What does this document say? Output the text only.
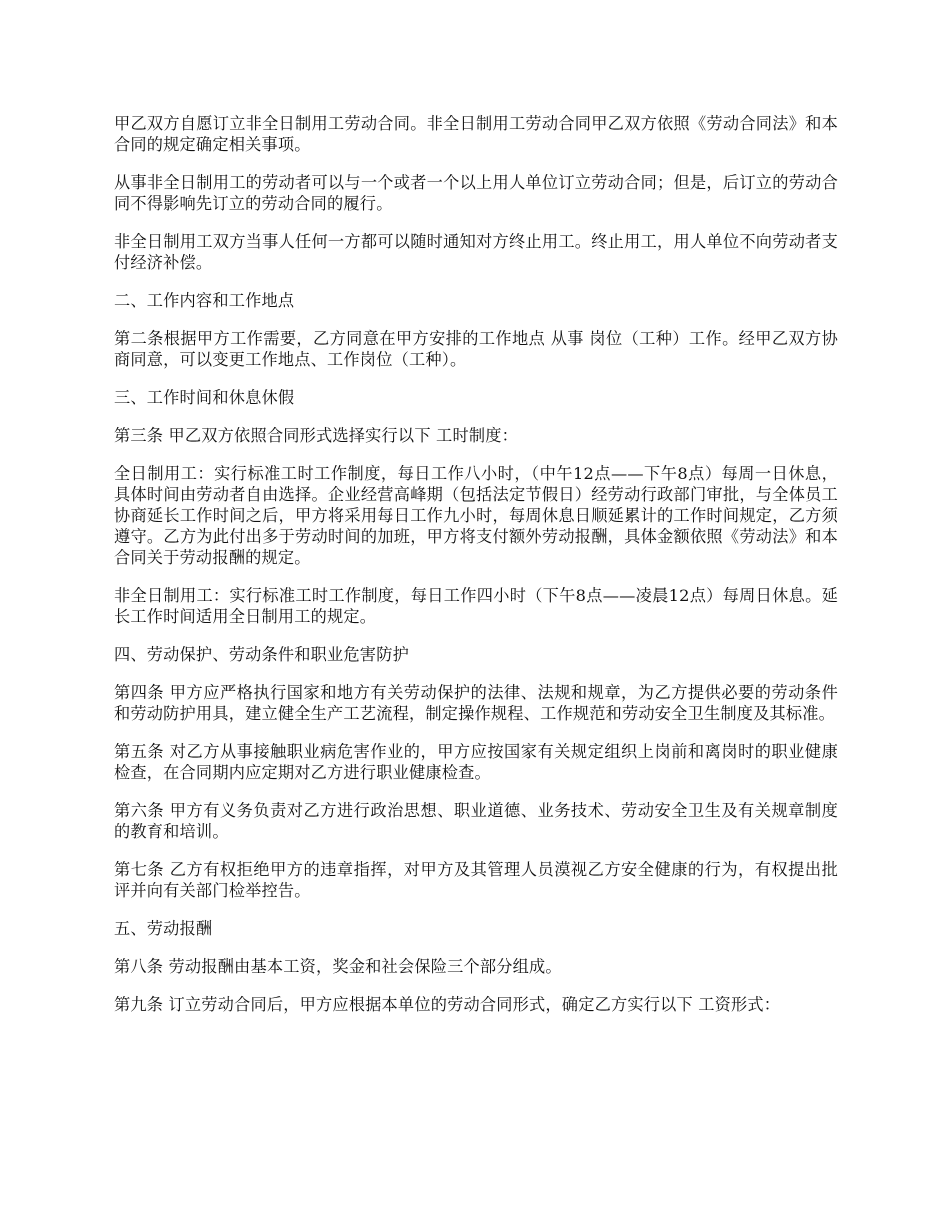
甲乙双方自愿订立非全日制用工劳动合同。非全日制用工劳动合同甲乙双方依照《劳动合同法》和本合同的规定确定相关事项。

从事非全日制用工的劳动者可以与一个或者一个以上用人单位订立劳动合同；但是，后订立的劳动合同不得影响先订立的劳动合同的履行。

非全日制用工双方当事人任何一方都可以随时通知对方终止用工。终止用工，用人单位不向劳动者支付经济补偿。

二、工作内容和工作地点

第二条根据甲方工作需要，乙方同意在甲方安排的工作地点 从事 岗位（工种）工作。经甲乙双方协商同意，可以变更工作地点、工作岗位（工种）。

三、工作时间和休息休假

第三条 甲乙双方依照合同形式选择实行以下 工时制度：

全日制用工：实行标准工时工作制度，每日工作八小时，（中午12点——下午8点）每周一日休息，具体时间由劳动者自由选择。企业经营高峰期（包括法定节假日）经劳动行政部门审批，与全体员工协商延长工作时间之后，甲方将采用每日工作九小时，每周休息日顺延累计的工作时间规定，乙方须遵守。乙方为此付出多于劳动时间的加班，甲方将支付额外劳动报酬，具体金额依照《劳动法》和本合同关于劳动报酬的规定。

非全日制用工：实行标准工时工作制度，每日工作四小时（下午8点——凌晨12点）每周日休息。延长工作时间适用全日制用工的规定。

四、劳动保护、劳动条件和职业危害防护

第四条 甲方应严格执行国家和地方有关劳动保护的法律、法规和规章，为乙方提供必要的劳动条件和劳动防护用具，建立健全生产工艺流程，制定操作规程、工作规范和劳动安全卫生制度及其标准。

第五条 对乙方从事接触职业病危害作业的，甲方应按国家有关规定组织上岗前和离岗时的职业健康检查，在合同期内应定期对乙方进行职业健康检查。

第六条 甲方有义务负责对乙方进行政治思想、职业道德、业务技术、劳动安全卫生及有关规章制度的教育和培训。

第七条 乙方有权拒绝甲方的违章指挥，对甲方及其管理人员漠视乙方安全健康的行为，有权提出批评并向有关部门检举控告。

五、劳动报酬

第八条 劳动报酬由基本工资，奖金和社会保险三个部分组成。

第九条 订立劳动合同后，甲方应根据本单位的劳动合同形式，确定乙方实行以下 工资形式：
